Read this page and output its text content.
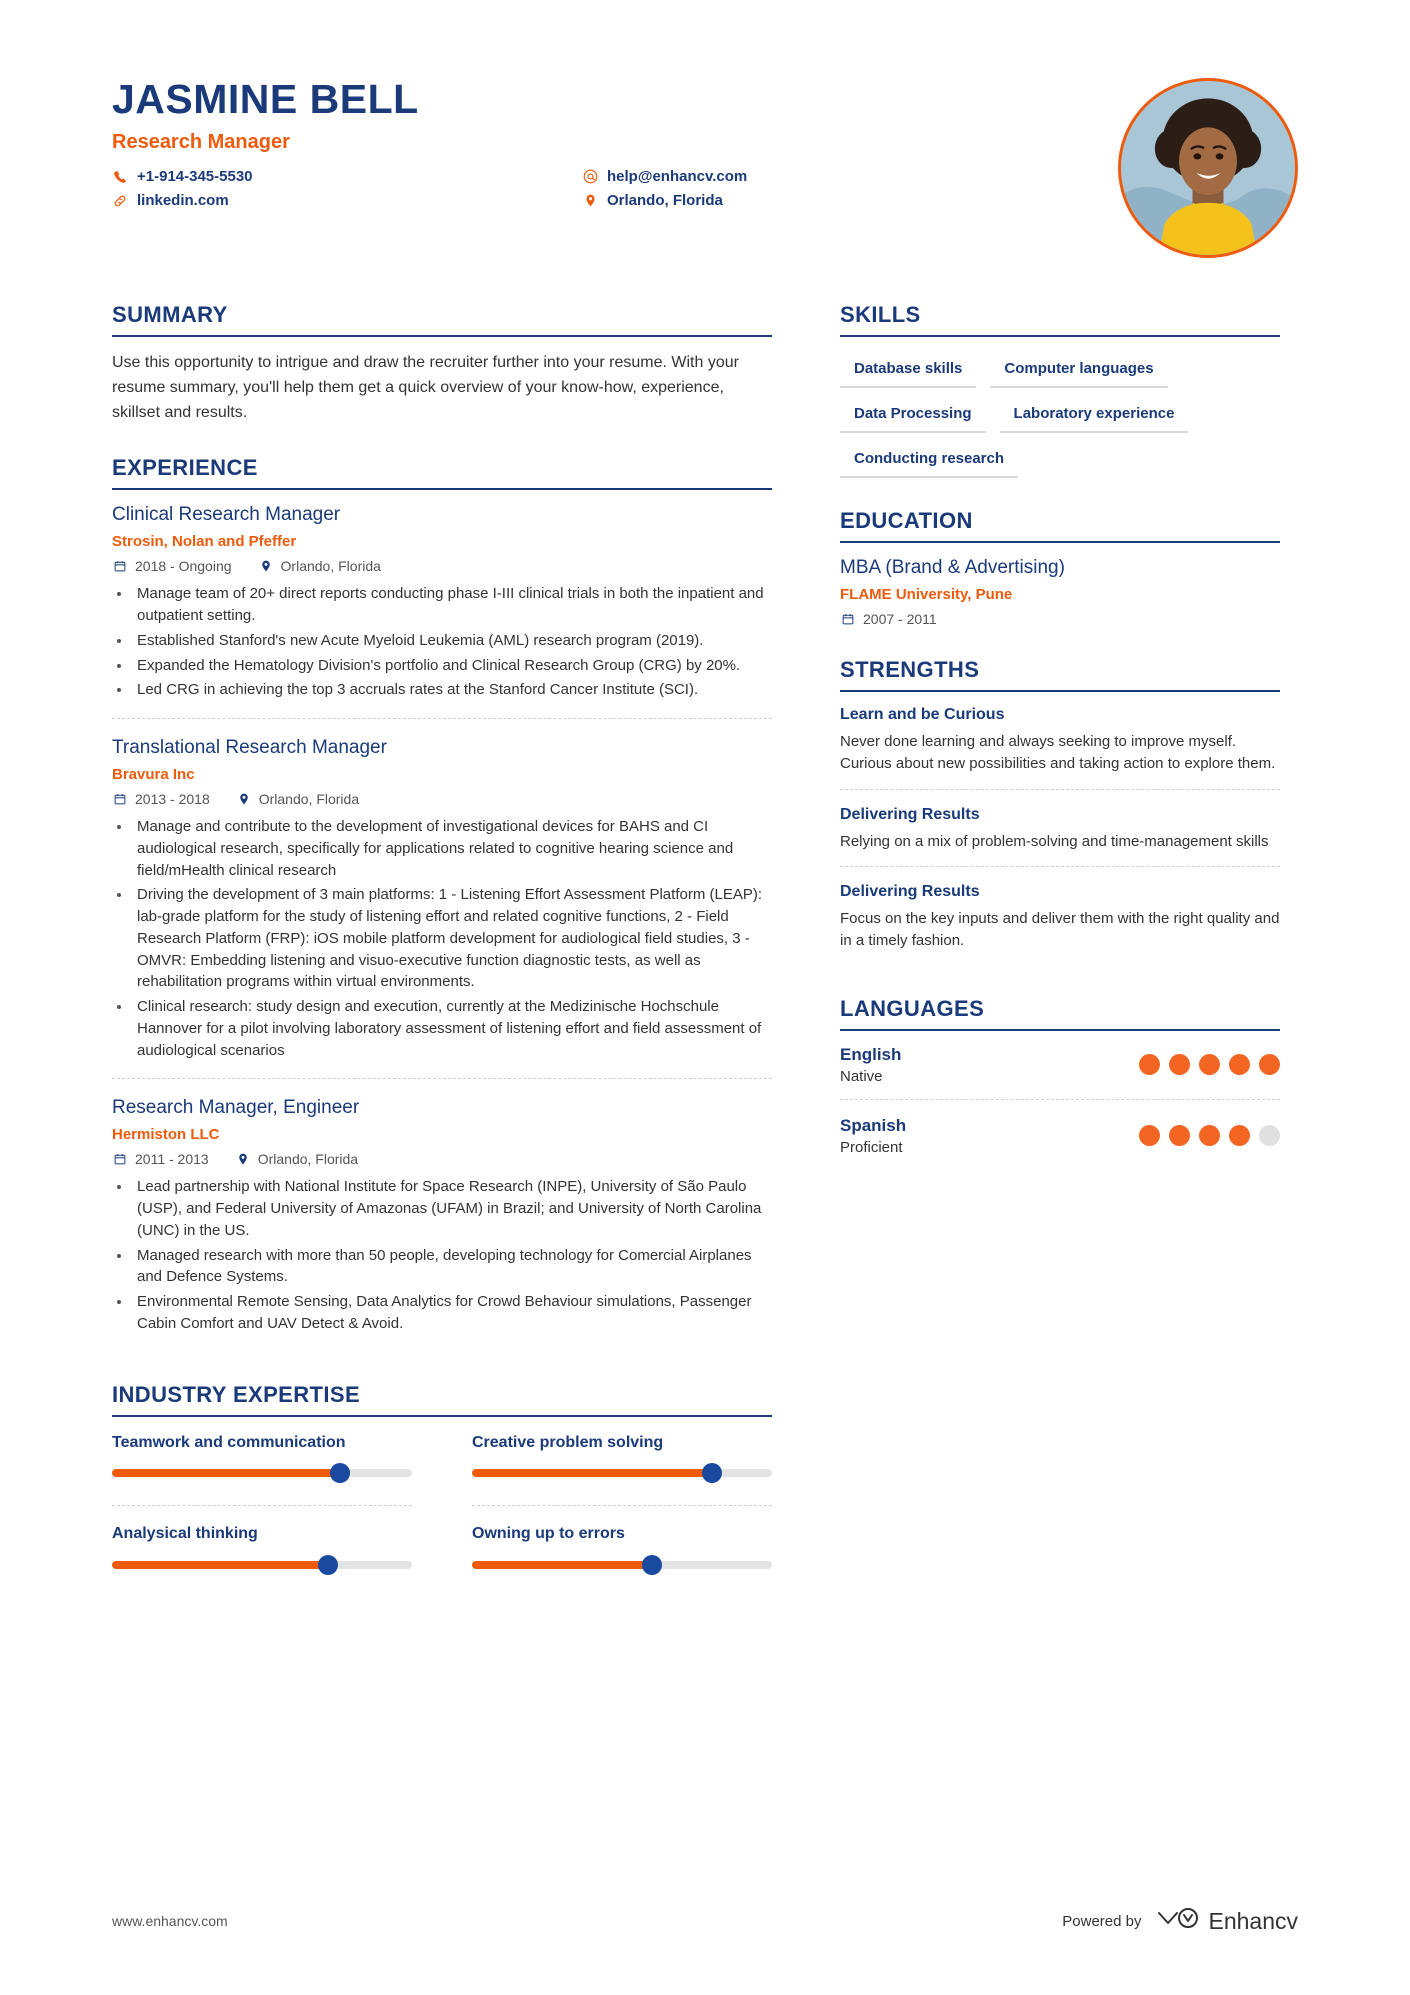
JASMINE BELL
Research Manager
+1-914-345-5530	help@enhancv.com
linkedin.com	Orlando, Florida
SUMMARY
Use this opportunity to intrigue and draw the recruiter further into your resume. With your resume summary, you'll help them get a quick overview of your know-how, experience, skillset and results.
EXPERIENCE
Clinical Research Manager
Strosin, Nolan and Pfeffer
2018 - Ongoing	Orlando, Florida
• Manage team of 20+ direct reports conducting phase I-III clinical trials in both the inpatient and outpatient setting.
• Established Stanford's new Acute Myeloid Leukemia (AML) research program (2019).
• Expanded the Hematology Division's portfolio and Clinical Research Group (CRG) by 20%.
• Led CRG in achieving the top 3 accruals rates at the Stanford Cancer Institute (SCI).
Translational Research Manager
Bravura Inc
2013 - 2018	Orlando, Florida
• Manage and contribute to the development of investigational devices for BAHS and CI audiological research, specifically for applications related to cognitive hearing science and field/mHealth clinical research
• Driving the development of 3 main platforms: 1 - Listening Effort Assessment Platform (LEAP): lab-grade platform for the study of listening effort and related cognitive functions, 2 - Field Research Platform (FRP): iOS mobile platform development for audiological field studies, 3 - OMVR: Embedding listening and visuo-executive function diagnostic tests, as well as rehabilitation programs within virtual environments.
• Clinical research: study design and execution, currently at the Medizinische Hochschule Hannover for a pilot involving laboratory assessment of listening effort and field assessment of audiological scenarios
Research Manager, Engineer
Hermiston LLC
2011 - 2013	Orlando, Florida
• Lead partnership with National Institute for Space Research (INPE), University of São Paulo (USP), and Federal University of Amazonas (UFAM) in Brazil; and University of North Carolina (UNC) in the US.
• Managed research with more than 50 people, developing technology for Comercial Airplanes and Defence Systems.
• Environmental Remote Sensing, Data Analytics for Crowd Behaviour simulations, Passenger Cabin Comfort and UAV Detect & Avoid.
INDUSTRY EXPERTISE
Teamwork and communication	Creative problem solving
Analysical thinking	Owning up to errors
SKILLS
Database skills	Computer languages
Data Processing	Laboratory experience
Conducting research
EDUCATION
MBA (Brand & Advertising)
FLAME University, Pune
2007 - 2011
STRENGTHS
Learn and be Curious
Never done learning and always seeking to improve myself. Curious about new possibilities and taking action to explore them.
Delivering Results
Relying on a mix of problem-solving and time-management skills
Delivering Results
Focus on the key inputs and deliver them with the right quality and in a timely fashion.
LANGUAGES
English
Native
Spanish
Proficient
www.enhancv.com	Powered by	Enhancv
